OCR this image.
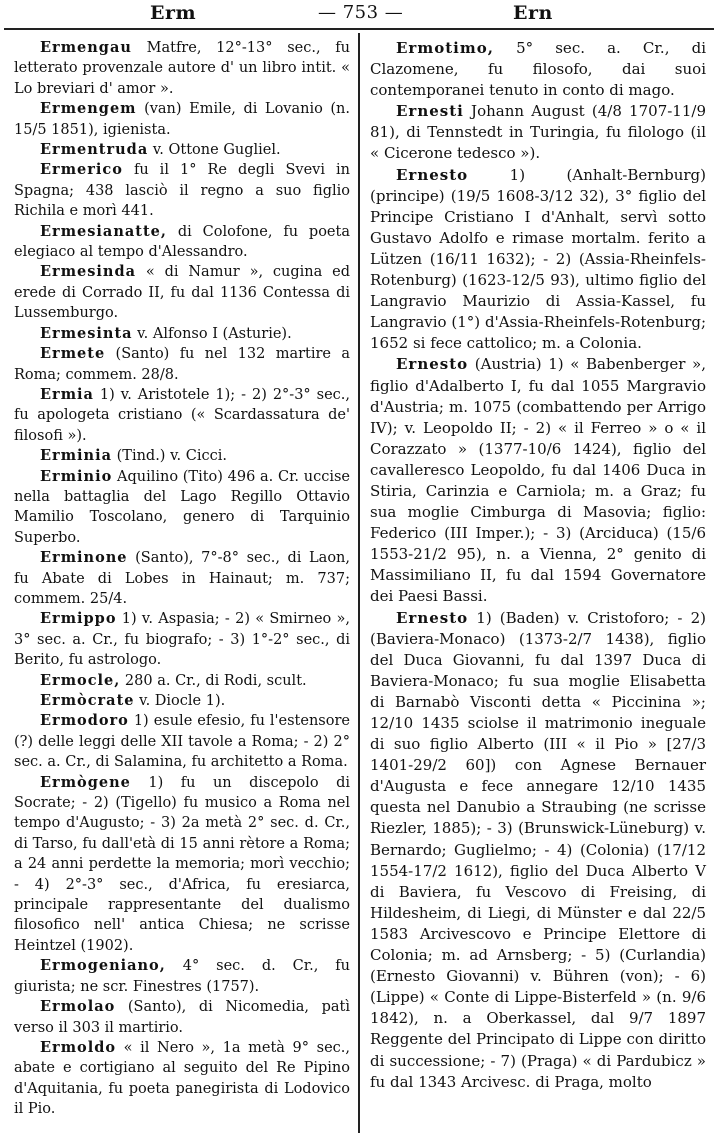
Erm	— 753 —	Ern

Ermengau Matfre, 12°-13° sec., fu letterato provenzale autore d' un libro intit. « Lo breviari d' amor ».

Ermengem (van) Emile, di Lovanio (n. 15/5 1851), igienista.

Ermentruda v. Ottone Gugliel.

Ermerico fu il 1° Re degli Svevi in Spagna; 438 lasciò il regno a suo figlio Richila e morì 441.

Ermesianatte, di Colofone, fu poeta elegiaco al tempo d'Alessandro.

Ermesinda « di Namur », cugina ed erede di Corrado II, fu dal 1136 Contessa di Lussemburgo.

Ermesinta v. Alfonso I (Asturie).

Ermete (Santo) fu nel 132 martire a Roma; commem. 28/8.

Ermia 1) v. Aristotele 1); - 2) 2°-3° sec., fu apologeta cristiano (« Scardassatura de' filosofi »).

Erminia (Tind.) v. Cicci.

Erminio Aquilino (Tito) 496 a. Cr. uccise nella battaglia del Lago Regillo Ottavio Mamilio Toscolano, genero di Tarquinio Superbo.

Erminone (Santo), 7°-8° sec., di Laon, fu Abate di Lobes in Hainaut; m. 737; commem. 25/4.

Ermippo 1) v. Aspasia; - 2) « Smirneo », 3° sec. a. Cr., fu biografo; - 3) 1°-2° sec., di Berito, fu astrologo.

Ermocle, 280 a. Cr., di Rodi, scult.

Ermòcrate v. Diocle 1).

Ermodoro 1) esule efesio, fu l'estensore (?) delle leggi delle XII tavole a Roma; - 2) 2° sec. a. Cr., di Salamina, fu architetto a Roma.

Ermògene 1) fu un discepolo di Socrate; - 2) (Tigello) fu musico a Roma nel tempo d'Augusto; - 3) 2a metà 2° sec. d. Cr., di Tarso, fu dall'età di 15 anni rètore a Roma; a 24 anni perdette la memoria; morì vecchio; - 4) 2°-3° sec., d'Africa, fu eresiarca, principale rappresentante del dualismo filosofico nell' antica Chiesa; ne scrisse Heintzel (1902).

Ermogeniano, 4° sec. d. Cr., fu giurista; ne scr. Finestres (1757).

Ermolao (Santo), di Nicomedia, patì verso il 303 il martirio.

Ermoldo « il Nero », 1a metà 9° sec., abate e cortigiano al seguito del Re Pipino d'Aquitania, fu poeta panegirista di Lodovico il Pio.

Ermotimo, 5° sec. a. Cr., di Clazomene, fu filosofo, dai suoi contemporanei tenuto in conto di mago.

Ernesti Johann August (4/8 1707-11/9 81), di Tennstedt in Turingia, fu filologo (il « Cicerone tedesco »).

Ernesto 1) (Anhalt-Bernburg) (principe) (19/5 1608-3/12 32), 3° figlio del Principe Cristiano I d'Anhalt, servì sotto Gustavo Adolfo e rimase mortalm. ferito a Lützen (16/11 1632); - 2) (Assia-Rheinfels-Rotenburg) (1623-12/5 93), ultimo figlio del Langravio Maurizio di Assia-Kassel, fu Langravio (1°) d'Assia-Rheinfels-Rotenburg; 1652 si fece cattolico; m. a Colonia.

Ernesto (Austria) 1) « Babenberger », figlio d'Adalberto I, fu dal 1055 Margravio d'Austria; m. 1075 (combattendo per Arrigo IV); v. Leopoldo II; - 2) « il Ferreo » o « il Corazzato » (1377-10/6 1424), figlio del cavalleresco Leopoldo, fu dal 1406 Duca in Stiria, Carinzia e Carniola; m. a Graz; fu sua moglie Cimburga di Masovia; figlio: Federico (III Imper.); - 3) (Arciduca) (15/6 1553-21/2 95), n. a Vienna, 2° genito di Massimiliano II, fu dal 1594 Governatore dei Paesi Bassi.

Ernesto 1) (Baden) v. Cristoforo; - 2) (Baviera-Monaco) (1373-2/7 1438), figlio del Duca Giovanni, fu dal 1397 Duca di Baviera-Monaco; fu sua moglie Elisabetta di Barnabò Visconti detta « Piccinina »; 12/10 1435 sciolse il matrimonio ineguale di suo figlio Alberto (III « il Pio » [27/3 1401-29/2 60]) con Agnese Bernauer d'Augusta e fece annegare 12/10 1435 questa nel Danubio a Straubing (ne scrisse Riezler, 1885); - 3) (Brunswick-Lüneburg) v. Bernardo; Guglielmo; - 4) (Colonia) (17/12 1554-17/2 1612), figlio del Duca Alberto V di Baviera, fu Vescovo di Freising, di Hildesheim, di Liegi, di Münster e dal 22/5 1583 Arcivescovo e Principe Elettore di Colonia; m. ad Arnsberg; - 5) (Curlandia) (Ernesto Giovanni) v. Bühren (von); - 6) (Lippe) « Conte di Lippe-Bisterfeld » (n. 9/6 1842), n. a Oberkassel, dal 9/7 1897 Reggente del Principato di Lippe con diritto di successione; - 7) (Praga) « di Pardubicz » fu dal 1343 Arcivesc. di Praga, molto
